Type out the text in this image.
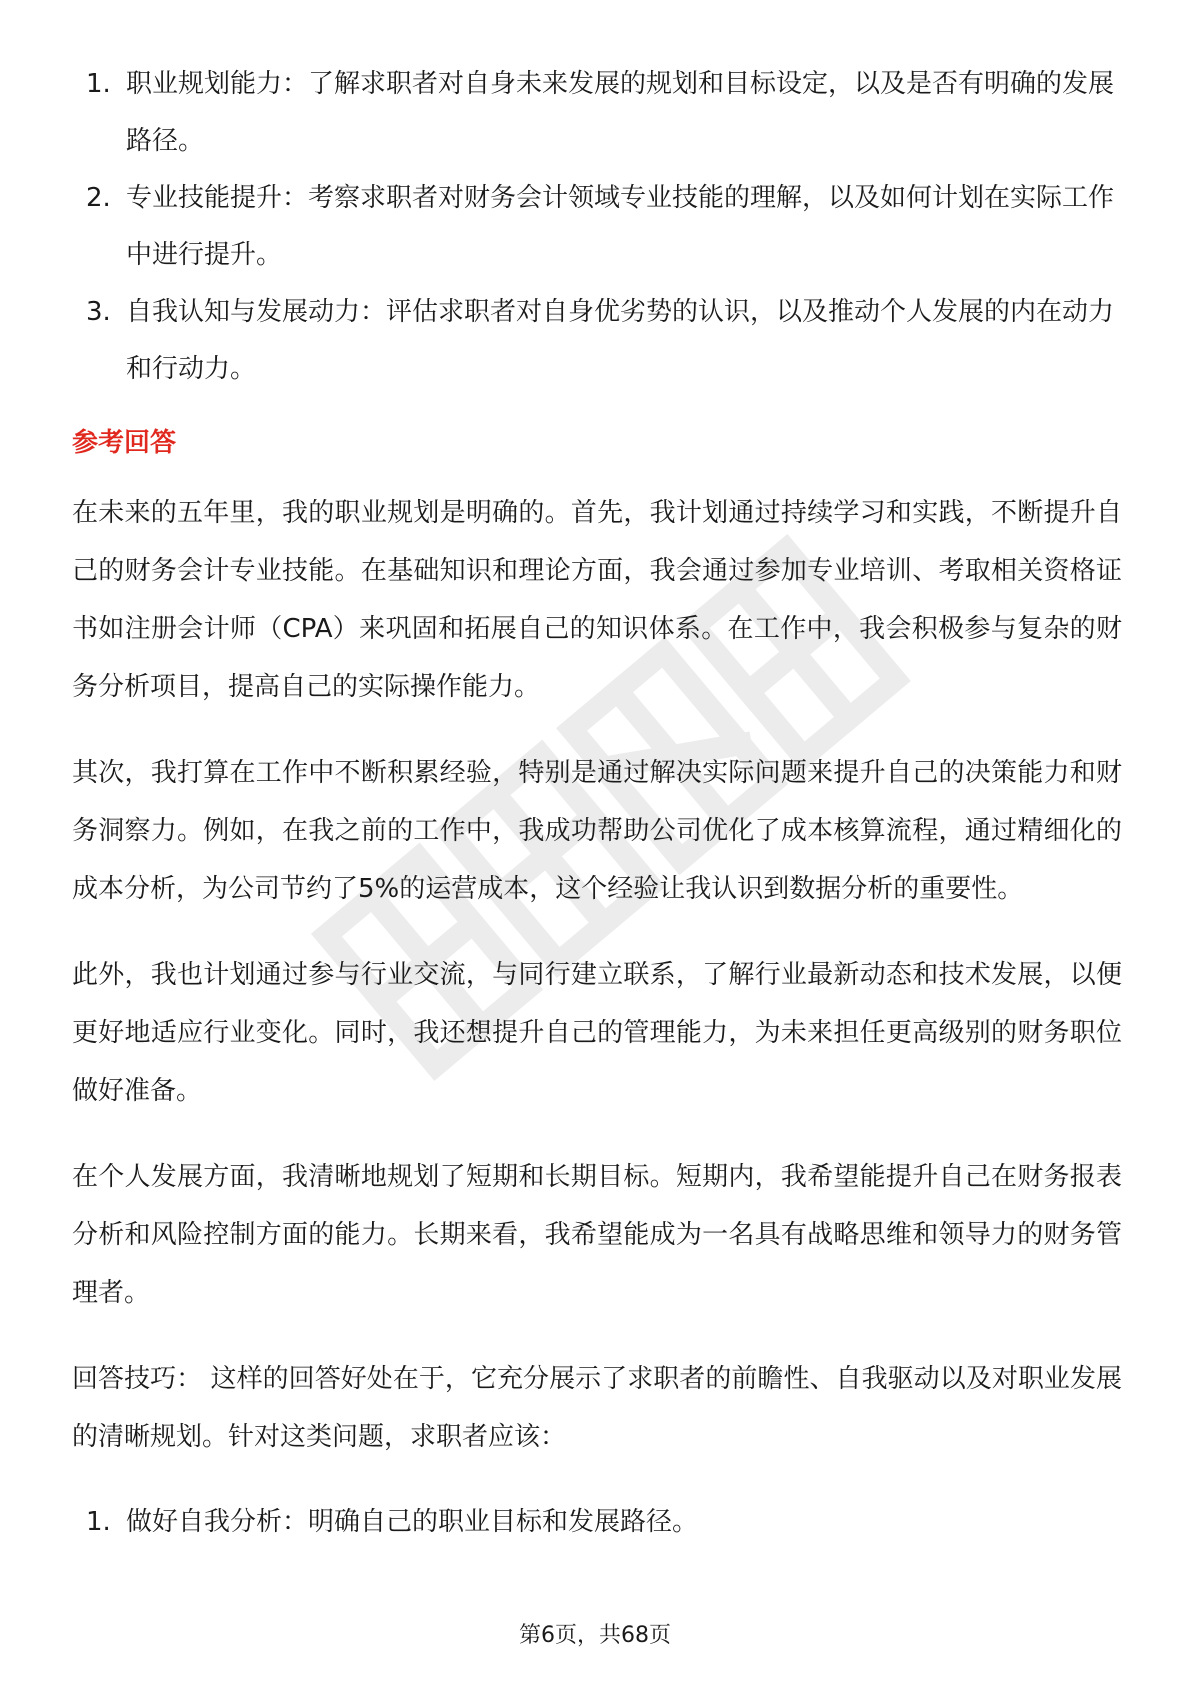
1. 职业规划能力：了解求职者对自身未来发展的规划和目标设定，以及是否有明确的发展路径。
2. 专业技能提升：考察求职者对财务会计领域专业技能的理解，以及如何计划在实际工作中进行提升。
3. 自我认知与发展动力：评估求职者对自身优劣势的认识，以及推动个人发展的内在动力和行动力。
参考回答

在未来的五年里，我的职业规划是明确的。首先，我计划通过持续学习和实践，不断提升自己的财务会计专业技能。在基础知识和理论方面，我会通过参加专业培训、考取相关资格证书如注册会计师（CPA）来巩固和拓展自己的知识体系。在工作中，我会积极参与复杂的财务分析项目，提高自己的实际操作能力。

其次，我打算在工作中不断积累经验，特别是通过解决实际问题来提升自己的决策能力和财务洞察力。例如，在我之前的工作中，我成功帮助公司优化了成本核算流程，通过精细化的成本分析，为公司节约了5%的运营成本，这个经验让我认识到数据分析的重要性。

此外，我也计划通过参与行业交流，与同行建立联系，了解行业最新动态和技术发展，以便更好地适应行业变化。同时，我还想提升自己的管理能力，为未来担任更高级别的财务职位做好准备。

在个人发展方面，我清晰地规划了短期和长期目标。短期内，我希望能提升自己在财务报表分析和风险控制方面的能力。长期来看，我希望能成为一名具有战略思维和领导力的财务管理者。

回答技巧： 这样的回答好处在于，它充分展示了求职者的前瞻性、自我驱动以及对职业发展的清晰规划。针对这类问题，求职者应该：

1. 做好自我分析：明确自己的职业目标和发展路径。
第6页，共68页
